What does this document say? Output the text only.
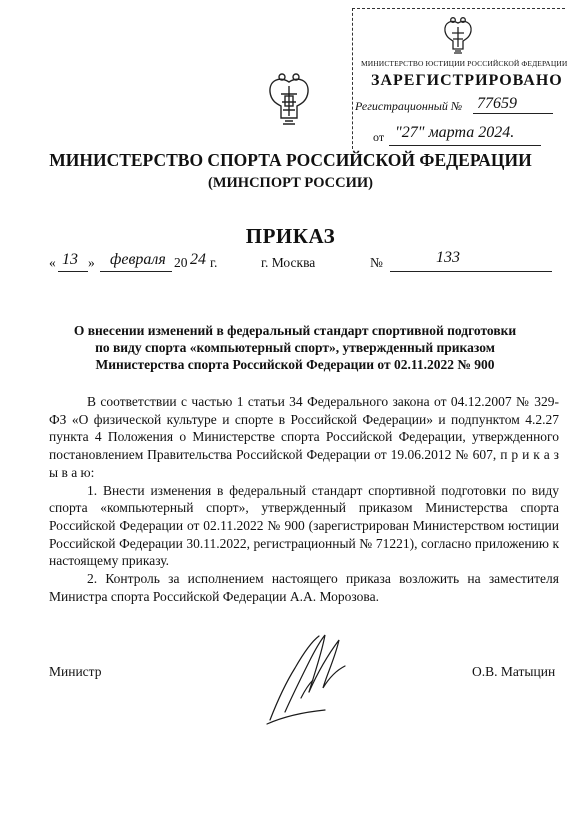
МИНИСТЕРСТВО ЮСТИЦИИ РОССИЙСКОЙ ФЕДЕРАЦИИ
ЗАРЕГИСТРИРОВАНО
Регистрационный № 77659
от "27" марта 2024.
МИНИСТЕРСТВО СПОРТА РОССИЙСКОЙ ФЕДЕРАЦИИ
(МИНСПОРТ РОССИИ)
ПРИКАЗ
« 13 » февраля 20 24 г.	г. Москва	№	133
О внесении изменений в федеральный стандарт спортивной подготовки
по виду спорта «компьютерный спорт», утвержденный приказом
Министерства спорта Российской Федерации от 02.11.2022 № 900

В соответствии с частью 1 статьи 34 Федерального закона от 04.12.2007 № 329-ФЗ «О физической культуре и спорте в Российской Федерации» и подпунктом 4.2.27 пункта 4 Положения о Министерстве спорта Российской Федерации, утвержденного постановлением Правительства Российской Федерации от 19.06.2012 № 607, п р и к а з ы в а ю:

1. Внести изменения в федеральный стандарт спортивной подготовки по виду спорта «компьютерный спорт», утвержденный приказом Министерства спорта Российской Федерации от 02.11.2022 № 900 (зарегистрирован Министерством юстиции Российской Федерации 30.11.2022, регистрационный № 71221), согласно приложению к настоящему приказу.

2. Контроль за исполнением настоящего приказа возложить на заместителя Министра спорта Российской Федерации А.А. Морозова.

Министр	О.В. Матыцин
